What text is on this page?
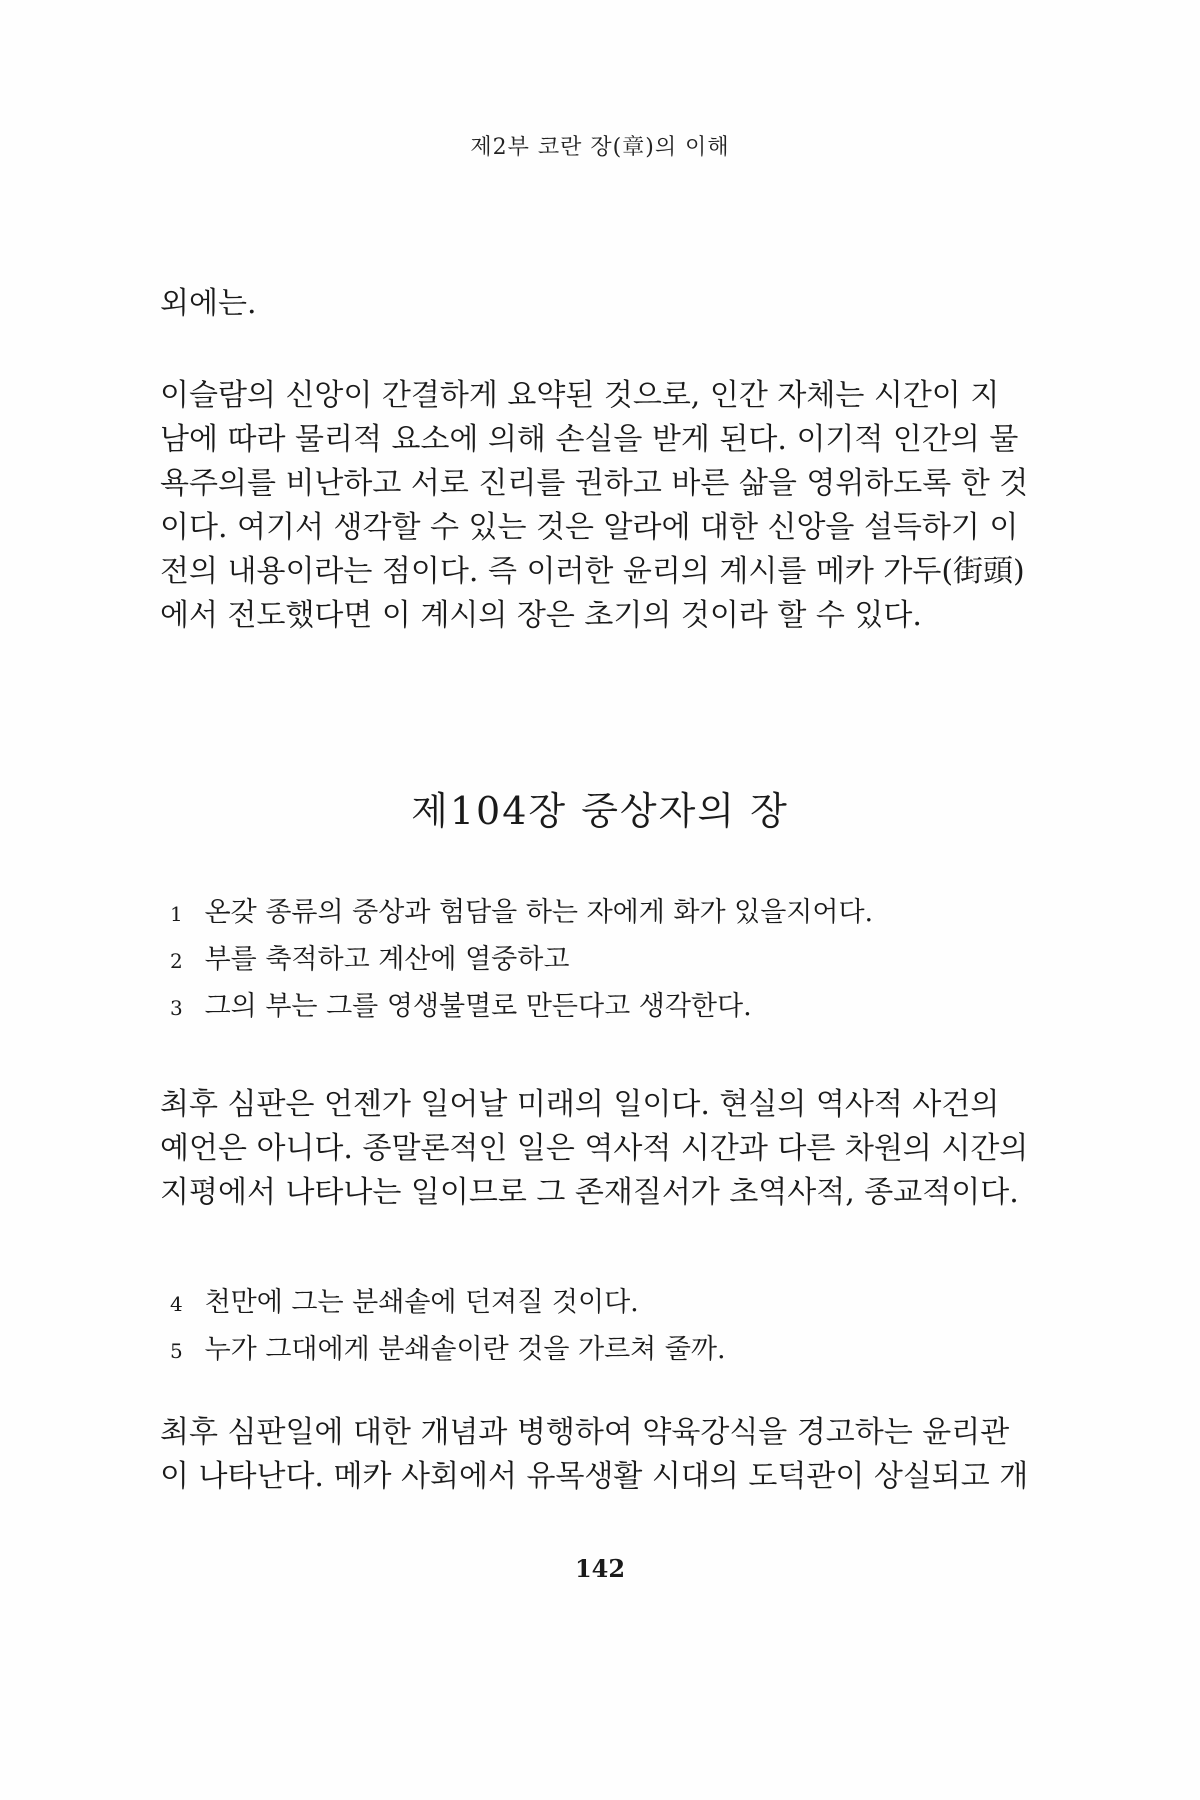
제2부 코란 장(章)의 이해

외에는.

이슬람의 신앙이 간결하게 요약된 것으로, 인간 자체는 시간이 지
남에 따라 물리적 요소에 의해 손실을 받게 된다. 이기적 인간의 물
욕주의를 비난하고 서로 진리를 권하고 바른 삶을 영위하도록 한 것
이다. 여기서 생각할 수 있는 것은 알라에 대한 신앙을 설득하기 이
전의 내용이라는 점이다. 즉 이러한 윤리의 계시를 메카 가두(街頭)
에서 전도했다면 이 계시의 장은 초기의 것이라 할 수 있다.

제104장 중상자의 장
1 온갖 종류의 중상과 험담을 하는 자에게 화가 있을지어다.
2 부를 축적하고 계산에 열중하고
3 그의 부는 그를 영생불멸로 만든다고 생각한다.

최후 심판은 언젠가 일어날 미래의 일이다. 현실의 역사적 사건의
예언은 아니다. 종말론적인 일은 역사적 시간과 다른 차원의 시간의
지평에서 나타나는 일이므로 그 존재질서가 초역사적, 종교적이다.

4 천만에 그는 분쇄솥에 던져질 것이다.
5 누가 그대에게 분쇄솥이란 것을 가르쳐 줄까.

최후 심판일에 대한 개념과 병행하여 약육강식을 경고하는 윤리관
이 나타난다. 메카 사회에서 유목생활 시대의 도덕관이 상실되고 개

142
